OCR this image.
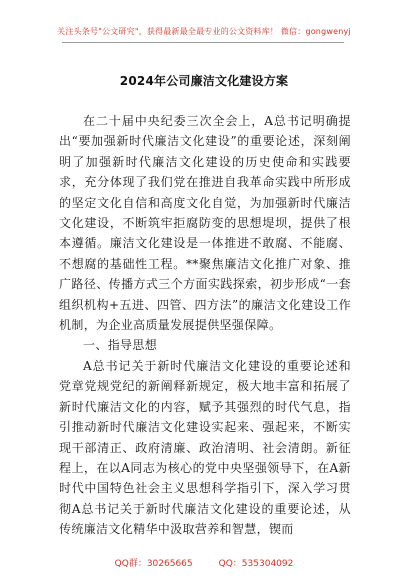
关注头条号"公文研究"，获得最新最全最专业的公文资料库！ 微信：gongwenyj
2024年公司廉洁文化建设方案

在二十届中央纪委三次全会上，A总书记明确提出“要加强新时代廉洁文化建设”的重要论述，深刻阐明了加强新时代廉洁文化建设的历史使命和实践要求，充分体现了我们党在推进自我革命实践中所形成的坚定文化自信和高度文化自觉，为加强新时代廉洁文化建设，不断筑牢拒腐防变的思想堤坝，提供了根本遵循。廉洁文化建设是一体推进不敢腐、不能腐、不想腐的基础性工程。**聚焦廉洁文化推广对象、推广路径、传播方式三个方面实践探索，初步形成“一套组织机构+五进、四管、四方法”的廉洁文化建设工作机制，为企业高质量发展提供坚强保障。

一、指导思想

A总书记关于新时代廉洁文化建设的重要论述和党章党规党纪的新阐释新规定，极大地丰富和拓展了新时代廉洁文化的内容，赋予其强烈的时代气息，指引推动新时代廉洁文化建设实起来、强起来，不断实现干部清正、政府清廉、政治清明、社会清朗。新征程上，在以A同志为核心的党中央坚强领导下，在A新时代中国特色社会主义思想科学指引下，深入学习贯彻A总书记关于新时代廉洁文化建设的重要论述，从传统廉洁文化精华中汲取营养和智慧，锲而

QQ群：30265665	QQ：535304092
